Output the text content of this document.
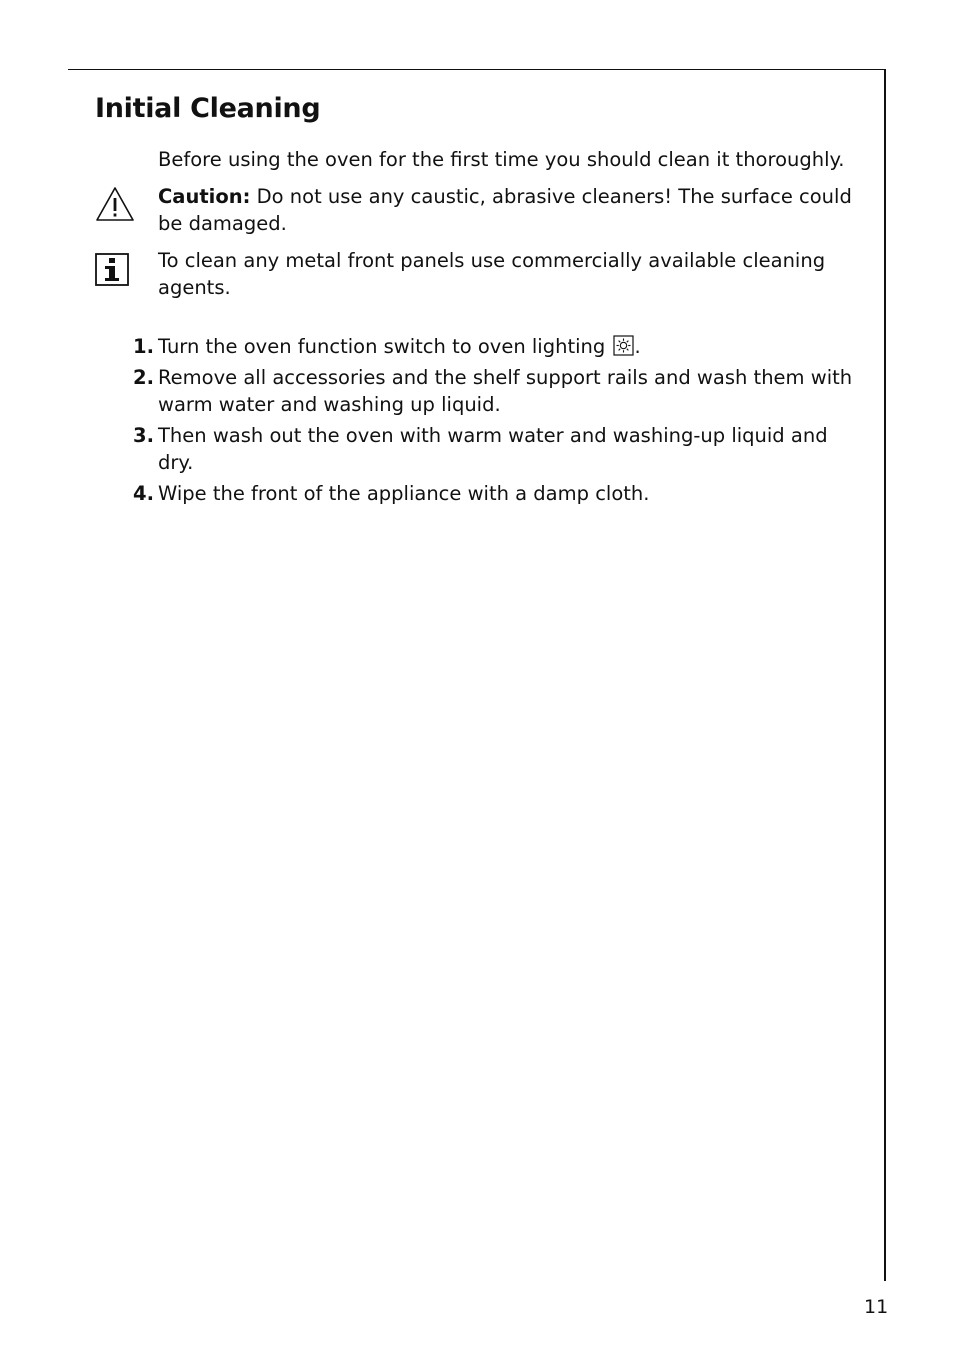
Initial Cleaning
Before using the oven for the first time you should clean it thoroughly.
Caution: Do not use any caustic, abrasive cleaners! The surface could be damaged.
To clean any metal front panels use commercially available cleaning agents.
1. Turn the oven function switch to oven lighting .
2. Remove all accessories and the shelf support rails and wash them with warm water and washing up liquid.
3. Then wash out the oven with warm water and washing-up liquid and dry.
4. Wipe the front of the appliance with a damp cloth.
11
